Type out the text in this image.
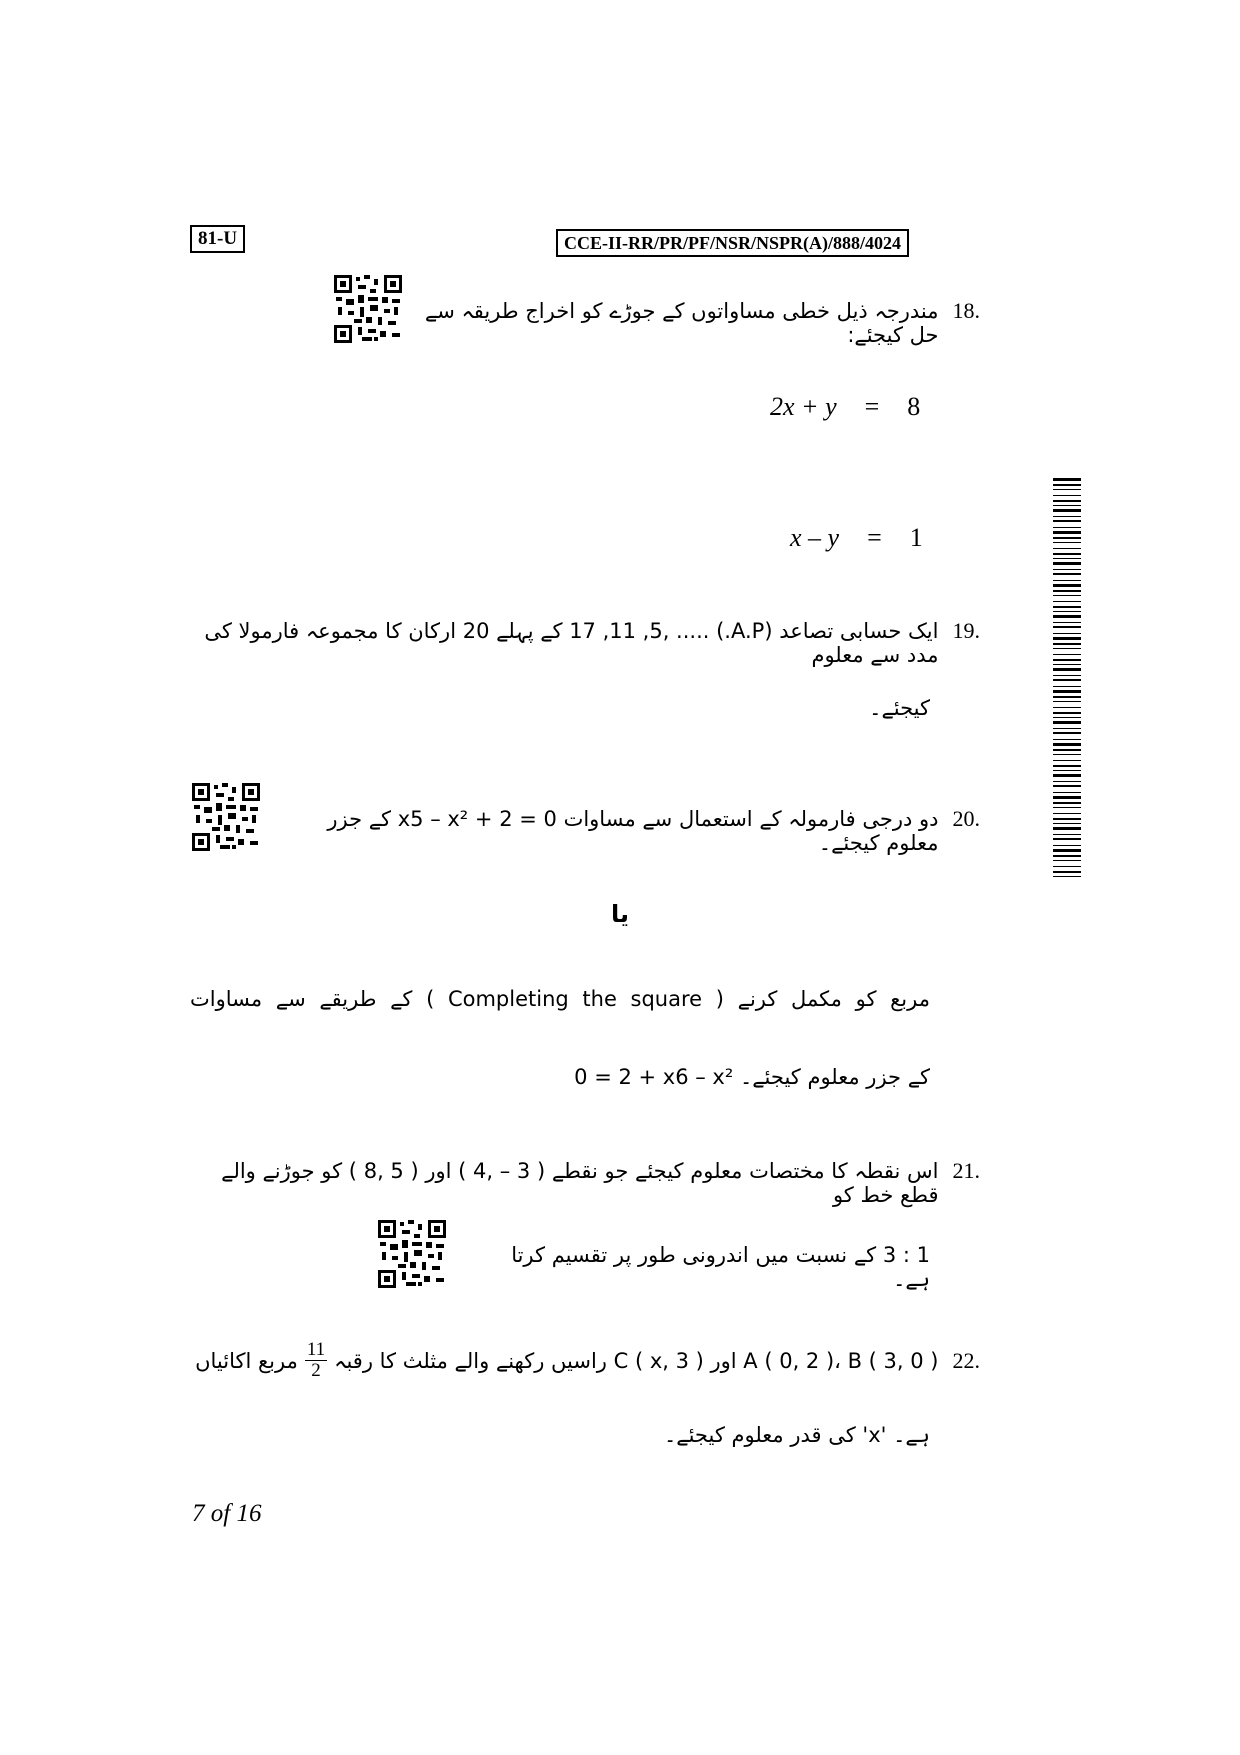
81-U	CCE-II-RR/PR/PF/NSR/NSPR(A)/888/4024
مندرجہ ذیل خطی مساواتوں کے جوڑے کو اخراج طریقہ سے حل کیجئے:
18.
2x + y = 8
x – y = 1
ایک حسابی تصاعد (A.P.) ..... ,17 ,11 ,5 کے پہلے 20 ارکان کا مجموعہ فارمولا کی مدد سے معلوم
19.
کیجئے۔
دو درجی فارمولہ کے استعمال سے مساوات 0 = 2 + x5 – x² کے جزر معلوم کیجئے۔
20.
یا
مربع کو مکمل کرنے ( Completing the square ) کے طریقے سے مساوات
0 = 2 + x6 – x² کے جزر معلوم کیجئے۔
اس نقطہ کا مختصات معلوم کیجئے جو نقطے ( 3 – ,4 ) اور ( 5 ,8 ) کو جوڑنے والے قطع خط کو
21.
1 : 3 کے نسبت میں اندرونی طور پر تقسیم کرتا ہے۔
A ( 0, 2 )، B ( 3, 0 ) اور C ( x, 3 ) راسیں رکھنے والے مثلث کا رقبہ
$\frac{11}{2}$
مربع اکائیاں	22.
ہے۔ 'x' کی قدر معلوم کیجئے۔
7 of 16
